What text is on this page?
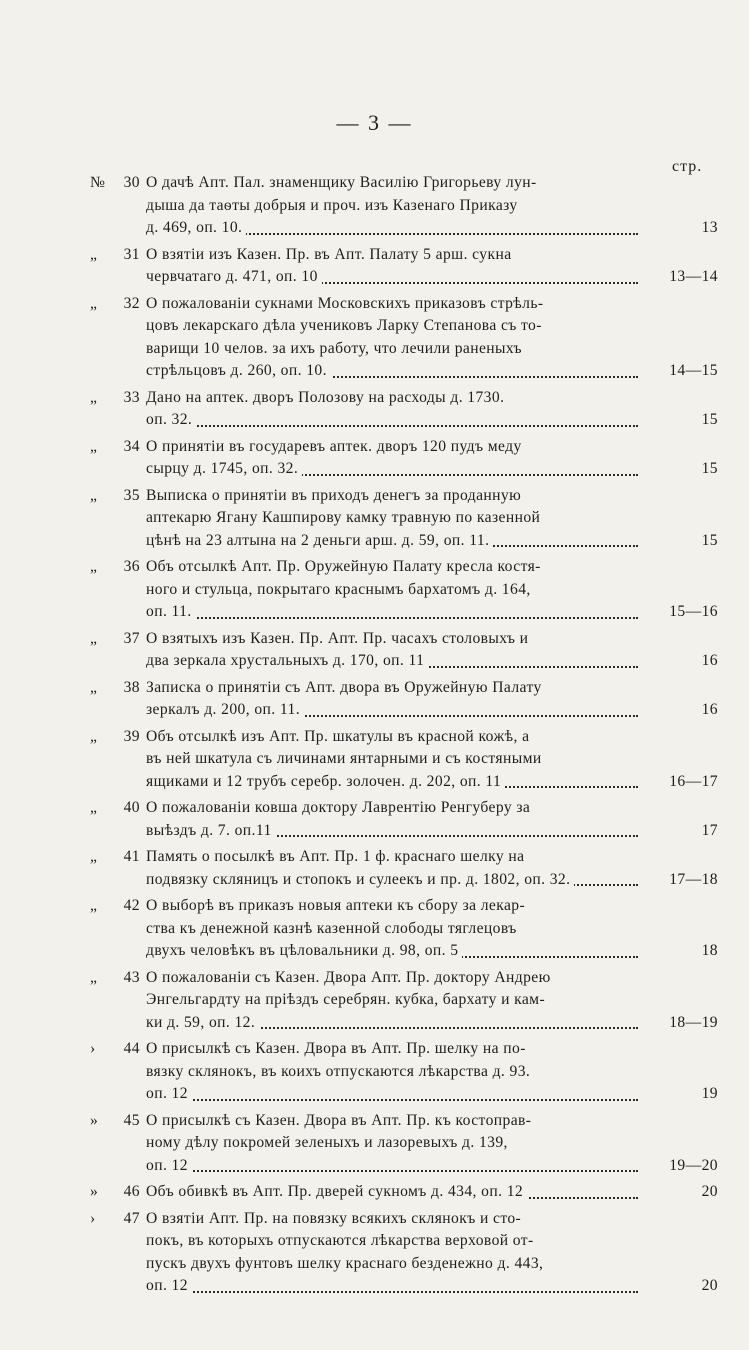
— 3 —
стр.
№	30 О дачѣ Апт. Пал. знаменщику Василію Григорьеву лун-
дыша да таѳты добрыя и проч. изъ Казенаго Приказу
д. 469, оп. 10.	13
„	31 О взятіи изъ Казен. Пр. въ Апт. Палату 5 арш. сукна
червчатаго д. 471, оп. 10	13—14
„	32 О пожалованіи сукнами Московскихъ приказовъ стрѣль-
цовъ лекарскаго дѣла учениковъ Ларку Степанова съ то-
варищи 10 челов. за ихъ работу, что лечили раненыхъ
стрѣльцовъ д. 260, оп. 10.	14—15
„	33 Дано на аптек. дворъ Полозову на расходы д. 1730.
оп. 32.	15
„	34 О принятіи въ государевъ аптек. дворъ 120 пудъ меду
сырцу д. 1745, оп. 32.	15
„	35 Выписка о принятіи въ приходъ денегъ за проданную
аптекарю Ягану Кашпирову камку травную по казенной
цѣнѣ на 23 алтына на 2 деньги арш. д. 59, оп. 11.	15
„	36 Объ отсылкѣ Апт. Пр. Оружейную Палату кресла костя-
ного и стульца, покрытаго краснымъ бархатомъ д. 164,
оп. 11.	15—16
„	37 О взятыхъ изъ Казен. Пр. Апт. Пр. часахъ столовыхъ и
два зеркала хрустальныхъ д. 170, оп. 11	16
„	38 Записка о принятіи съ Апт. двора въ Оружейную Палату
зеркалъ д. 200, оп. 11.	16
„	39 Объ отсылкѣ изъ Апт. Пр. шкатулы въ красной кожѣ, а
въ ней шкатула съ личинами янтарными и съ костяными
ящиками и 12 трубъ серебр. золочен. д. 202, оп. 11	16—17
„	40 О пожалованіи ковша доктору Лаврентію Ренгуберу за
выѣздъ д. 7. оп.11	17
„	41 Память о посылкѣ въ Апт. Пр. 1 ф. краснаго шелку на
подвязку скляницъ и стопокъ и сулеекъ и пр. д. 1802, оп. 32.	17—18
„	42 О выборѣ въ приказъ новыя аптеки къ сбору за лекар-
ства къ денежной казнѣ казенной слободы тяглецовъ
двухъ человѣкъ въ цѣловальники д. 98, оп. 5	18
„	43 О пожалованіи съ Казен. Двора Апт. Пр. доктору Андрею
Энгельгардту на пріѣздъ серебрян. кубка, бархату и кам-
ки д. 59, оп. 12.	18—19
›	44 О присылкѣ съ Казен. Двора въ Апт. Пр. шелку на по-
вязку склянокъ, въ коихъ отпускаются лѣкарства д. 93.
оп. 12	19
»	45 О присылкѣ съ Казен. Двора въ Апт. Пр. къ костоправ-
ному дѣлу покромей зеленыхъ и лазоревыхъ д. 139,
оп. 12	19—20
»	46 Объ обивкѣ въ Апт. Пр. дверей сукномъ д. 434, оп. 12	20
›	47 О взятіи Апт. Пр. на повязку всякихъ склянокъ и сто-
покъ, въ которыхъ отпускаются лѣкарства верховой от-
пускъ двухъ фунтовъ шелку краснаго безденежно д. 443,
оп. 12	20
